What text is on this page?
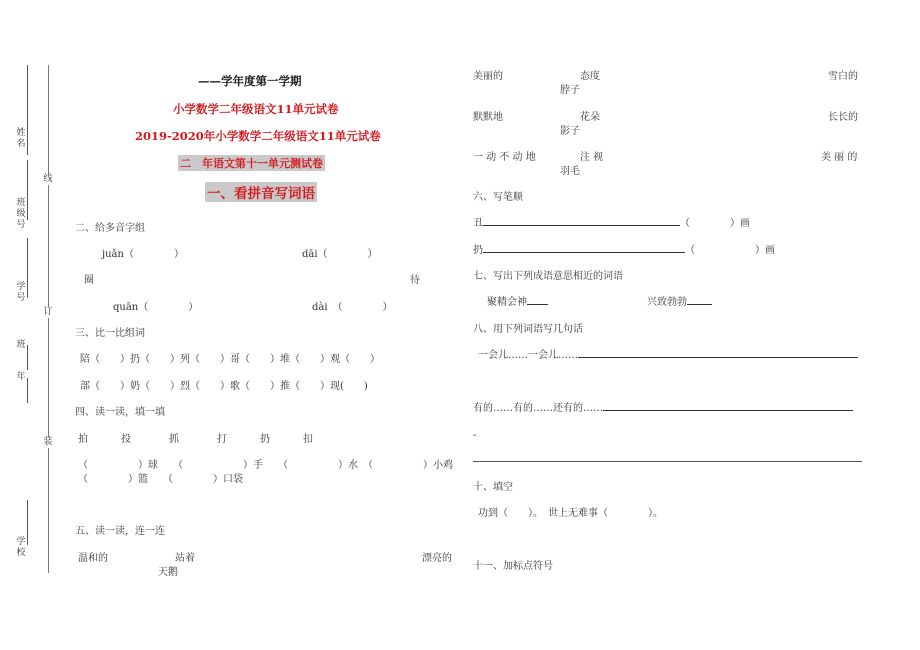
姓名
班级号
学号
班
年
学校
线
订
装
——学年度第一学期
小学数学二年级语文11单元试卷
2019-2020年小学数学二年级语文11单元试卷
二　年语文第十一单元测试卷
一、看拼音写词语
二、给多音字组
juǎn（　　　　）	dāi（　　　　）
圈	待
quān（　　　　）	dài　（　　　　）
三、比一比组词
陪（　　）扔（　　）列（　　）哥（　　）堆（　　）观（　　）
部（　　）奶（　　）烈（　　）歌（　　）推（　　）现(　　)
四、读一读，填一填
拍	投	抓	打	扔	扣
（　　　　　）球　　（　　　　　　）手　　（　　　　　）水　（　　　　　）小鸡
（　　　　）篮　　（　　　　）口袋
五、读一读，连一连
温和的	站着	漂亮的
天鹅
美丽的	态度	雪白的
脖子
默默地	花朵	长长的
影子
一 动 不 动 地	注 视	美 丽 的
羽毛
六、写笔顺
丑	（　　　　）画
扔	（　　　　　　）画
七、写出下列成语意思相近的词语
聚精会神	兴致勃勃
八、用下列词语写几句话
一会儿……一会儿……
有的……有的……还有的……
-
十、填空
功到（　　）。　世上无难事（　　　　）。
十一、加标点符号
